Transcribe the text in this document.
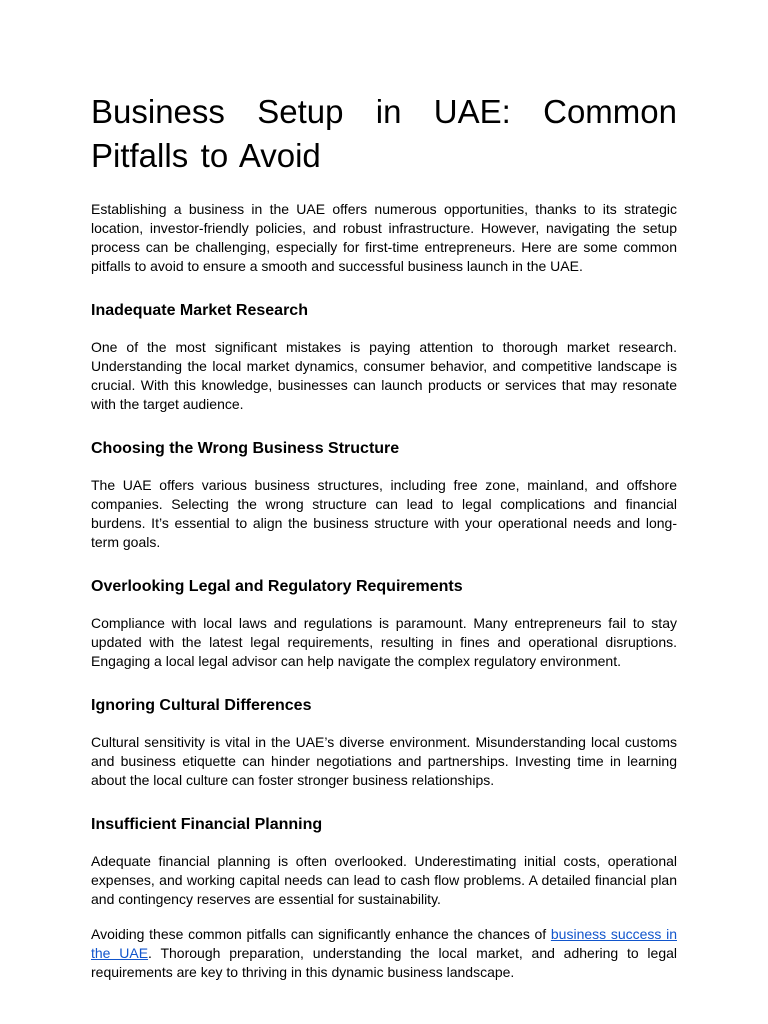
Business Setup in UAE: Common Pitfalls to Avoid

Establishing a business in the UAE offers numerous opportunities, thanks to its strategic location, investor-friendly policies, and robust infrastructure. However, navigating the setup process can be challenging, especially for first-time entrepreneurs. Here are some common pitfalls to avoid to ensure a smooth and successful business launch in the UAE.

Inadequate Market Research

One of the most significant mistakes is paying attention to thorough market research. Understanding the local market dynamics, consumer behavior, and competitive landscape is crucial. With this knowledge, businesses can launch products or services that may resonate with the target audience.

Choosing the Wrong Business Structure

The UAE offers various business structures, including free zone, mainland, and offshore companies. Selecting the wrong structure can lead to legal complications and financial burdens. It’s essential to align the business structure with your operational needs and long-term goals.

Overlooking Legal and Regulatory Requirements

Compliance with local laws and regulations is paramount. Many entrepreneurs fail to stay updated with the latest legal requirements, resulting in fines and operational disruptions. Engaging a local legal advisor can help navigate the complex regulatory environment.

Ignoring Cultural Differences

Cultural sensitivity is vital in the UAE’s diverse environment. Misunderstanding local customs and business etiquette can hinder negotiations and partnerships. Investing time in learning about the local culture can foster stronger business relationships.

Insufficient Financial Planning

Adequate financial planning is often overlooked. Underestimating initial costs, operational expenses, and working capital needs can lead to cash flow problems. A detailed financial plan and contingency reserves are essential for sustainability.

Avoiding these common pitfalls can significantly enhance the chances of business success in the UAE. Thorough preparation, understanding the local market, and adhering to legal requirements are key to thriving in this dynamic business landscape.
